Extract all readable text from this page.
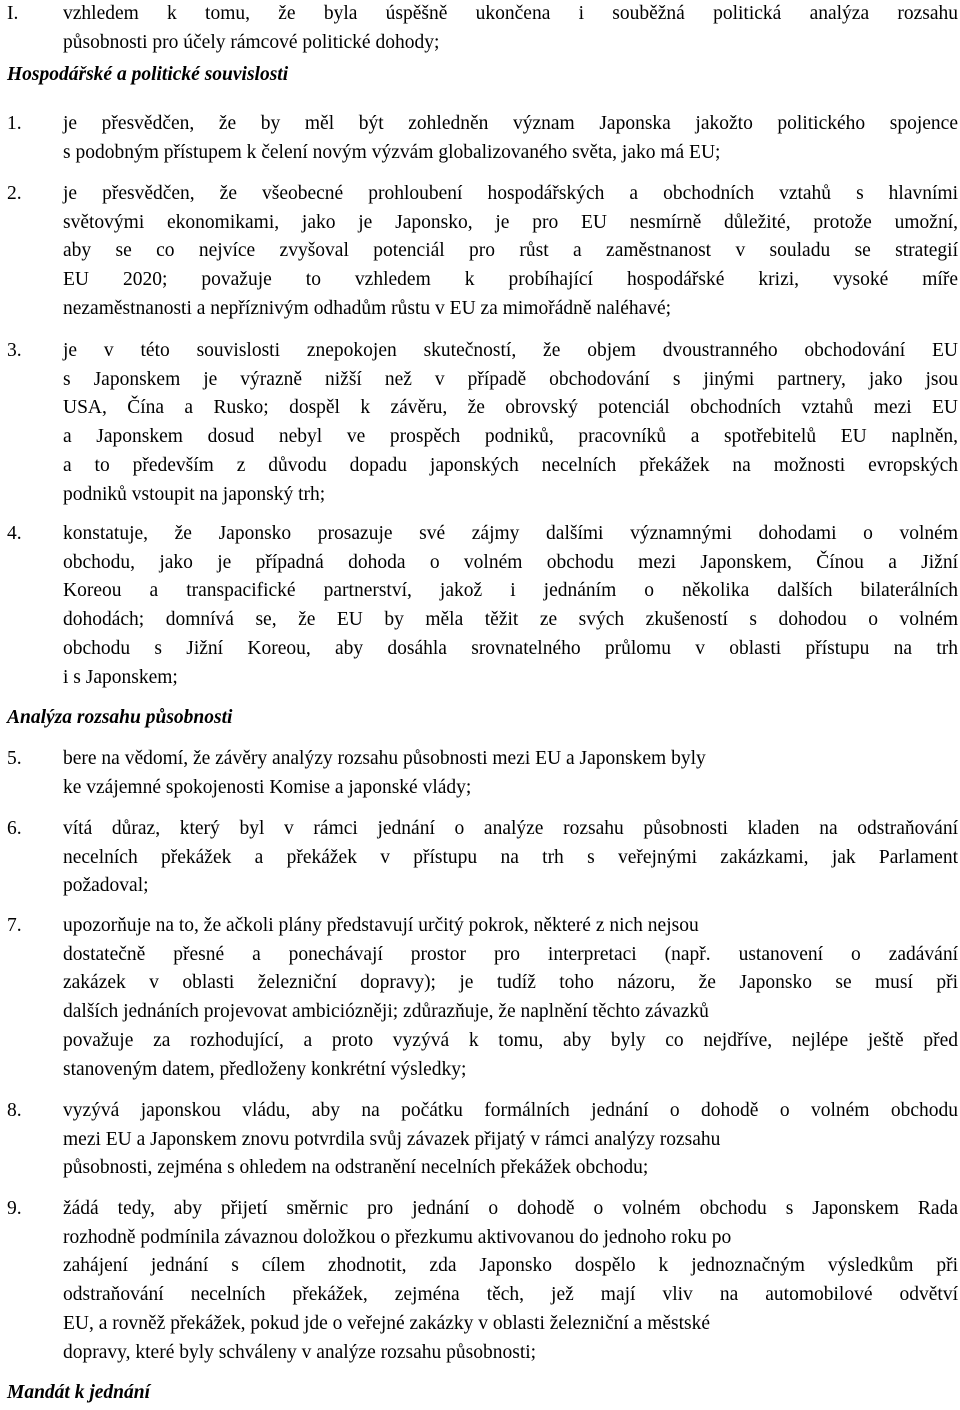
I. vzhledem k tomu, že byla úspěšně ukončena i souběžná politická analýza rozsahu
působnosti pro účely rámcové politické dohody;
Hospodářské a politické souvislosti
1. je přesvědčen, že by měl být zohledněn význam Japonska jakožto politického spojence
s podobným přístupem k čelení novým výzvám globalizovaného světa, jako má EU;
2. je přesvědčen, že všeobecné prohloubení hospodářských a obchodních vztahů s hlavními
světovými ekonomikami, jako je Japonsko, je pro EU nesmírně důležité, protože umožní,
aby se co nejvíce zvyšoval potenciál pro růst a zaměstnanost v souladu se strategií
EU 2020; považuje to vzhledem k probíhající hospodářské krizi, vysoké míře
nezaměstnanosti a nepříznivým odhadům růstu v EU za mimořádně naléhavé;
3. je v této souvislosti znepokojen skutečností, že objem dvoustranného obchodování EU
s Japonskem je výrazně nižší než v případě obchodování s jinými partnery, jako jsou
USA, Čína a Rusko; dospěl k závěru, že obrovský potenciál obchodních vztahů mezi EU
a Japonskem dosud nebyl ve prospěch podniků, pracovníků a spotřebitelů EU naplněn,
a to především z důvodu dopadu japonských necelních překážek na možnosti evropských
podniků vstoupit na japonský trh;
4. konstatuje, že Japonsko prosazuje své zájmy dalšími významnými dohodami o volném
obchodu, jako je případná dohoda o volném obchodu mezi Japonskem, Čínou a Jižní
Koreou a transpacifické partnerství, jakož i jednáním o několika dalších bilaterálních
dohodách; domnívá se, že EU by měla těžit ze svých zkušeností s dohodou o volném
obchodu s Jižní Koreou, aby dosáhla srovnatelného průlomu v oblasti přístupu na trh
i s Japonskem;
Analýza rozsahu působnosti
5. bere na vědomí, že závěry analýzy rozsahu působnosti mezi EU a Japonskem byly
ke vzájemné spokojenosti Komise a japonské vlády;
6. vítá důraz, který byl v rámci jednání o analýze rozsahu působnosti kladen na odstraňování
necelních překážek a překážek v přístupu na trh s veřejnými zakázkami, jak Parlament
požadoval;
7. upozorňuje na to, že ačkoli plány představují určitý pokrok, některé z nich nejsou
dostatečně přesné a ponechávají prostor pro interpretaci (např. ustanovení o zadávání
zakázek v oblasti železniční dopravy); je tudíž toho názoru, že Japonsko se musí při
dalších jednáních projevovat ambiciózněji; zdůrazňuje, že naplnění těchto závazků
považuje za rozhodující, a proto vyzývá k tomu, aby byly co nejdříve, nejlépe ještě před
stanoveným datem, předloženy konkrétní výsledky;
8. vyzývá japonskou vládu, aby na počátku formálních jednání o dohodě o volném obchodu
mezi EU a Japonskem znovu potvrdila svůj závazek přijatý v rámci analýzy rozsahu
působnosti, zejména s ohledem na odstranění necelních překážek obchodu;
9. žádá tedy, aby přijetí směrnic pro jednání o dohodě o volném obchodu s Japonskem Rada
rozhodně podmínila závaznou doložkou o přezkumu aktivovanou do jednoho roku po
zahájení jednání s cílem zhodnotit, zda Japonsko dospělo k jednoznačným výsledkům při
odstraňování necelních překážek, zejména těch, jež mají vliv na automobilové odvětví
EU, a rovněž překážek, pokud jde o veřejné zakázky v oblasti železniční a městské
dopravy, které byly schváleny v analýze rozsahu působnosti;
Mandát k jednání
